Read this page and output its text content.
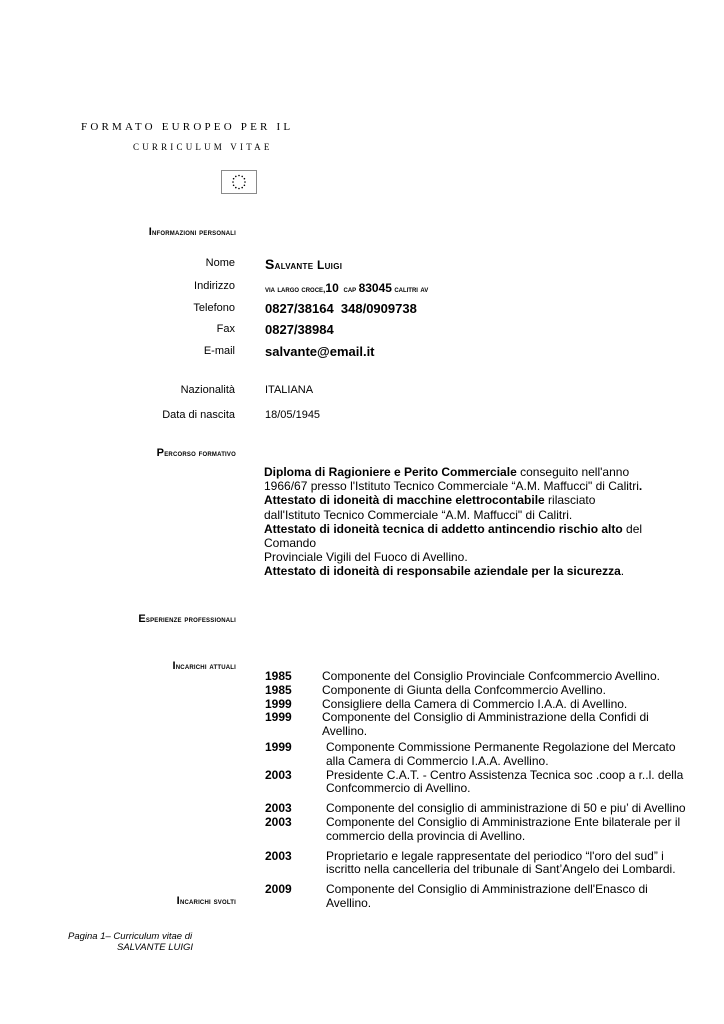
FORMATO EUROPEO PER IL
CURRICULUM VITAE
Informazioni personali
Nome	Salvante Luigi
Indirizzo	via largo croce,10 cap 83045 calitri av
Telefono 0827/38164  348/0909738
Fax 0827/38984
E-mail salvante@email.it
Nazionalità	ITALIANA
Data di nascita	18/05/1945
Percorso formativo

Diploma di Ragioniere e Perito Commerciale conseguito nell'anno 1966/67 presso l'Istituto Tecnico Commerciale “A.M. Maffucci" di Calitri.

Attestato di idoneità di macchine elettrocontabile rilasciato dall'Istituto Tecnico Commerciale “A.M. Maffucci" di Calitri.

Attestato di idoneità tecnica di addetto antincendio rischio alto del Comando
Provinciale Vigili del Fuoco di Avellino.

Attestato di idoneità di responsabile aziendale per la sicurezza.

Esperienze professionali
Incarichi attuali
1985	Componente del Consiglio Provinciale Confcommercio Avellino.
1985	Componente di Giunta della Confcommercio Avellino.
1999	Consigliere della Camera di Commercio I.A.A. di Avellino.
1999	Componente del Consiglio di Amministrazione della Confidi di Avellino.
1999	Componente Commissione Permanente Regolazione del Mercato alla Camera di Commercio I.A.A. Avellino.
2003	Presidente C.A.T. - Centro Assistenza Tecnica soc .coop a r..l. della Confcommercio di Avellino.
2003	Componente del consiglio di amministrazione di 50 e piu’ di Avellino
2003	Componente del Consiglio di Amministrazione Ente bilaterale per il commercio della provincia di Avellino.
2003	Proprietario e legale rappresentate del periodico “l'oro del sud” i iscritto nella cancelleria del tribunale di Sant’Angelo dei Lombardi.
2009	Componente del Consiglio di Amministrazione dell'Enasco di Avellino.
Incarichi svolti
Pagina 1– Curriculum vitae di
SALVANTE LUIGI
